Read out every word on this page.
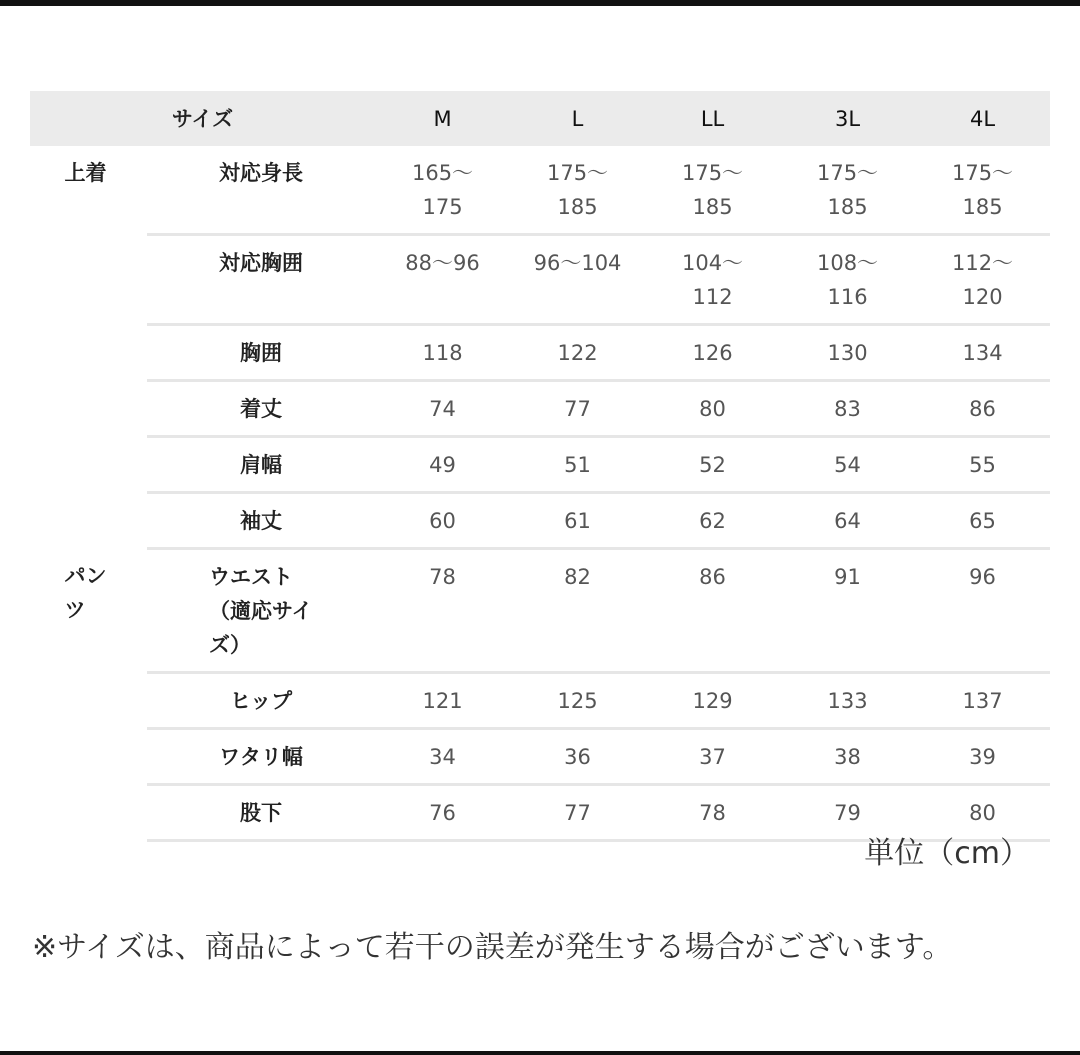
サイズ		M	L	LL	3L	4L
上着	対応身長	165〜175	175〜185	175〜185	175〜185	175〜185
	対応胸囲	88〜96	96〜104	104〜112	108〜116	112〜120
	胸囲	118	122	126	130	134
	着丈	74	77	80	83	86
	肩幅	49	51	52	54	55
	袖丈	60	61	62	64	65
パンツ	ウエスト（適応サイズ）	78	82	86	91	96
	ヒップ	121	125	129	133	137
	ワタリ幅	34	36	37	38	39
	股下	76	77	78	79	80
単位（cm）
※サイズは、商品によって若干の誤差が発生する場合がございます。
